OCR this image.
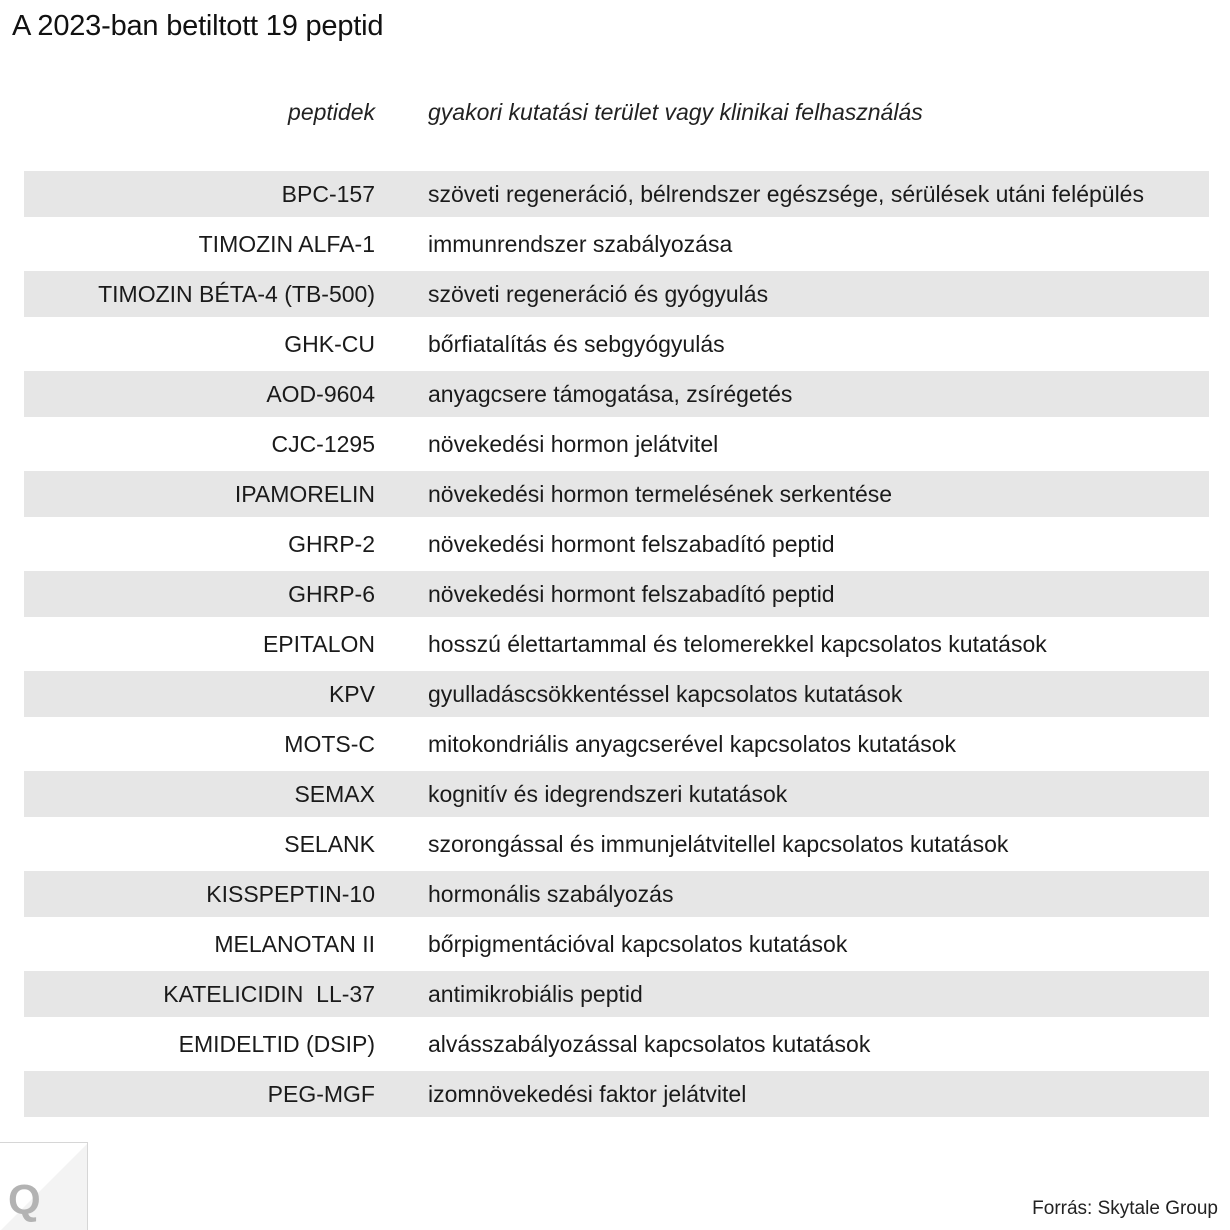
A 2023-ban betiltott 19 peptid
peptidek	gyakori kutatási terület vagy klinikai felhasználás
BPC-157	szöveti regeneráció, bélrendszer egészsége, sérülések utáni felépülés
TIMOZIN ALFA-1	immunrendszer szabályozása
TIMOZIN BÉTA-4 (TB-500)	szöveti regeneráció és gyógyulás
GHK-CU	bőrfiatalítás és sebgyógyulás
AOD-9604	anyagcsere támogatása, zsírégetés
CJC-1295	növekedési hormon jelátvitel
IPAMORELIN	növekedési hormon termelésének serkentése
GHRP-2	növekedési hormont felszabadító peptid
GHRP-6	növekedési hormont felszabadító peptid
EPITALON	hosszú élettartammal és telomerekkel kapcsolatos kutatások
KPV	gyulladáscsökkentéssel kapcsolatos kutatások
MOTS-C	mitokondriális anyagcserével kapcsolatos kutatások
SEMAX	kognitív és idegrendszeri kutatások
SELANK	szorongással és immunjelátvitellel kapcsolatos kutatások
KISSPEPTIN-10	hormonális szabályozás
MELANOTAN II	bőrpigmentációval kapcsolatos kutatások
KATELICIDIN  LL-37	antimikrobiális peptid
EMIDELTID (DSIP)	alvásszabályozással kapcsolatos kutatások
PEG-MGF	izomnövekedési faktor jelátvitel
Q	Forrás: Skytale Group
